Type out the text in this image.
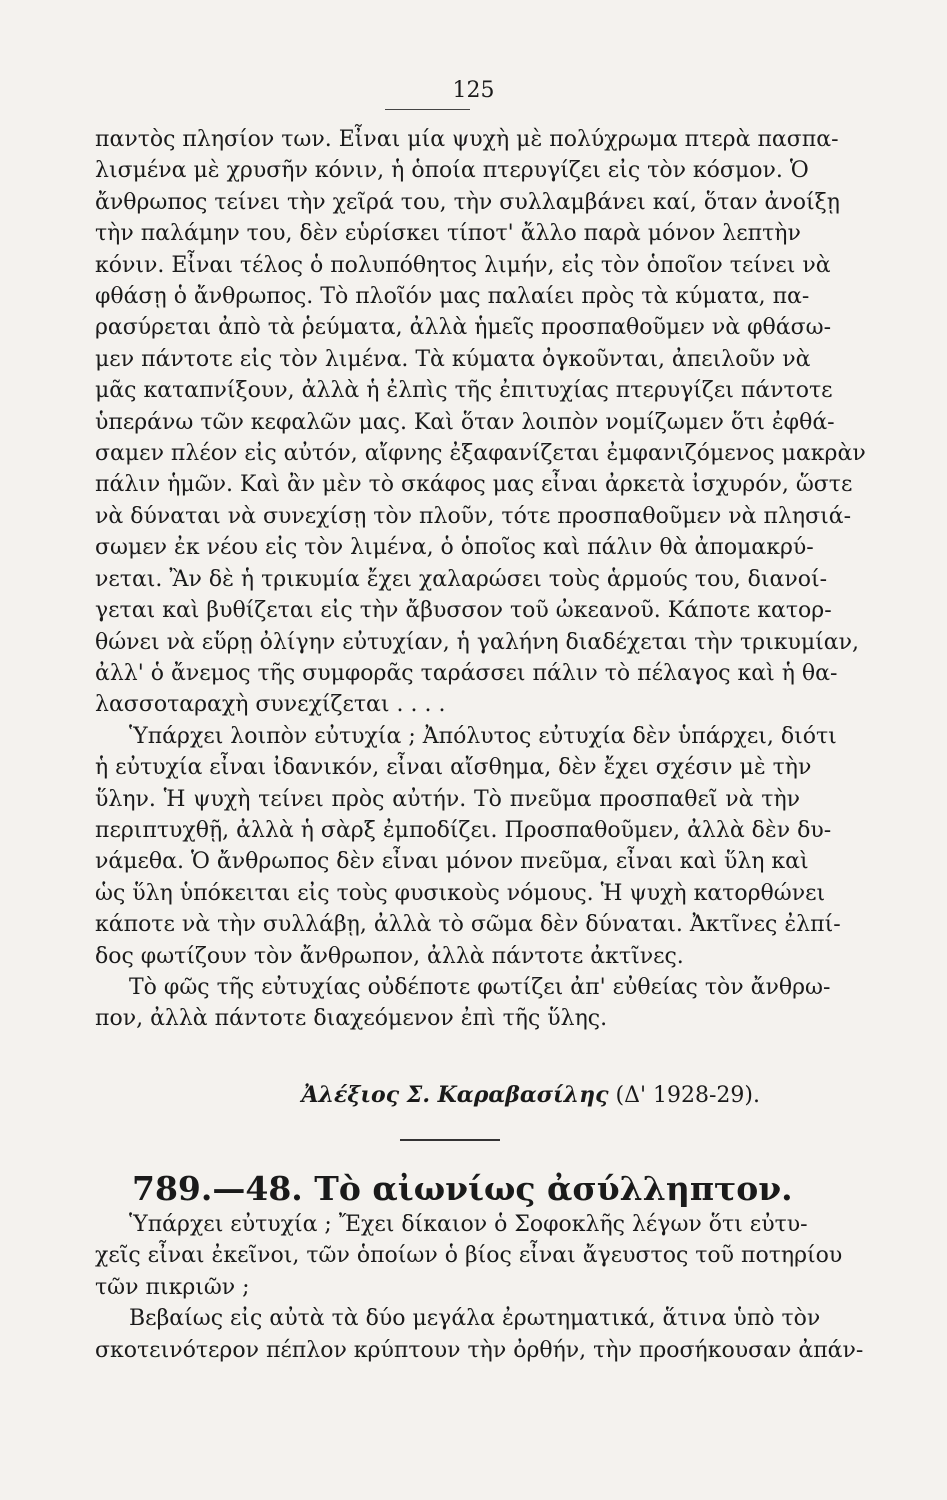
125
παντὸς πλησίον των. Εἶναι μία ψυχὴ μὲ πολύχρωμα πτερὰ πασπα-
λισμένα μὲ χρυσῆν κόνιν, ἡ ὁποία πτερυγίζει εἰς τὸν κόσμον. Ὁ
ἄνθρωπος τείνει τὴν χεῖρά του, τὴν συλλαμβάνει καί, ὅταν ἀνοίξῃ
τὴν παλάμην του, δὲν εὑρίσκει τίποτ' ἄλλο παρὰ μόνον λεπτὴν
κόνιν. Εἶναι τέλος ὁ πολυπόθητος λιμήν, εἰς τὸν ὁποῖον τείνει νὰ
φθάσῃ ὁ ἄνθρωπος. Τὸ πλοῖόν μας παλαίει πρὸς τὰ κύματα, πα-
ρασύρεται ἀπὸ τὰ ῥεύματα, ἀλλὰ ἡμεῖς προσπαθοῦμεν νὰ φθάσω-
μεν πάντοτε εἰς τὸν λιμένα. Τὰ κύματα ὀγκοῦνται, ἀπειλοῦν νὰ
μᾶς καταπνίξουν, ἀλλὰ ἡ ἐλπὶς τῆς ἐπιτυχίας πτερυγίζει πάντοτε
ὑπεράνω τῶν κεφαλῶν μας. Καὶ ὅταν λοιπὸν νομίζωμεν ὅτι ἐφθά-
σαμεν πλέον εἰς αὐτόν, αἴφνης ἐξαφανίζεται ἐμφανιζόμενος μακρὰν
πάλιν ἡμῶν. Καὶ ἂν μὲν τὸ σκάφος μας εἶναι ἀρκετὰ ἰσχυρόν, ὥστε
νὰ δύναται νὰ συνεχίσῃ τὸν πλοῦν, τότε προσπαθοῦμεν νὰ πλησιά-
σωμεν ἐκ νέου εἰς τὸν λιμένα, ὁ ὁποῖος καὶ πάλιν θὰ ἀπομακρύ-
νεται. Ἂν δὲ ἡ τρικυμία ἔχει χαλαρώσει τοὺς ἁρμούς του, διανοί-
γεται καὶ βυθίζεται εἰς τὴν ἄβυσσον τοῦ ὠκεανοῦ. Κάποτε κατορ-
θώνει νὰ εὕρῃ ὀλίγην εὐτυχίαν, ἡ γαλήνη διαδέχεται τὴν τρικυμίαν,
ἀλλ' ὁ ἄνεμος τῆς συμφορᾶς ταράσσει πάλιν τὸ πέλαγος καὶ ἡ θα-
λασσοταραχὴ συνεχίζεται . . . .
Ὑπάρχει λοιπὸν εὐτυχία ; Ἀπόλυτος εὐτυχία δὲν ὑπάρχει, διότι
ἡ εὐτυχία εἶναι ἰδανικόν, εἶναι αἴσθημα, δὲν ἔχει σχέσιν μὲ τὴν
ὕλην. Ἡ ψυχὴ τείνει πρὸς αὐτήν. Τὸ πνεῦμα προσπαθεῖ νὰ τὴν
περιπτυχθῇ, ἀλλὰ ἡ σὰρξ ἐμποδίζει. Προσπαθοῦμεν, ἀλλὰ δὲν δυ-
νάμεθα. Ὁ ἄνθρωπος δὲν εἶναι μόνον πνεῦμα, εἶναι καὶ ὕλη καὶ
ὡς ὕλη ὑπόκειται εἰς τοὺς φυσικοὺς νόμους. Ἡ ψυχὴ κατορθώνει
κάποτε νὰ τὴν συλλάβῃ, ἀλλὰ τὸ σῶμα δὲν δύναται. Ἀκτῖνες ἐλπί-
δος φωτίζουν τὸν ἄνθρωπον, ἀλλὰ πάντοτε ἀκτῖνες.
Τὸ φῶς τῆς εὐτυχίας οὐδέποτε φωτίζει ἀπ' εὐθείας τὸν ἄνθρω-
πον, ἀλλὰ πάντοτε διαχεόμενον ἐπὶ τῆς ὕλης.
Ἀλέξιος Σ. Καραβασίλης (Δ' 1928-29).
789.—48. Τὸ αἰωνίως ἀσύλληπτον.
Ὑπάρχει εὐτυχία ; Ἔχει δίκαιον ὁ Σοφοκλῆς λέγων ὅτι εὐτυ-
χεῖς εἶναι ἐκεῖνοι, τῶν ὁποίων ὁ βίος εἶναι ἄγευστος τοῦ ποτηρίου
τῶν πικριῶν ;
Βεβαίως εἰς αὐτὰ τὰ δύο μεγάλα ἐρωτηματικά, ἅτινα ὑπὸ τὸν
σκοτεινότερον πέπλον κρύπτουν τὴν ὀρθήν, τὴν προσήκουσαν ἀπάν-
